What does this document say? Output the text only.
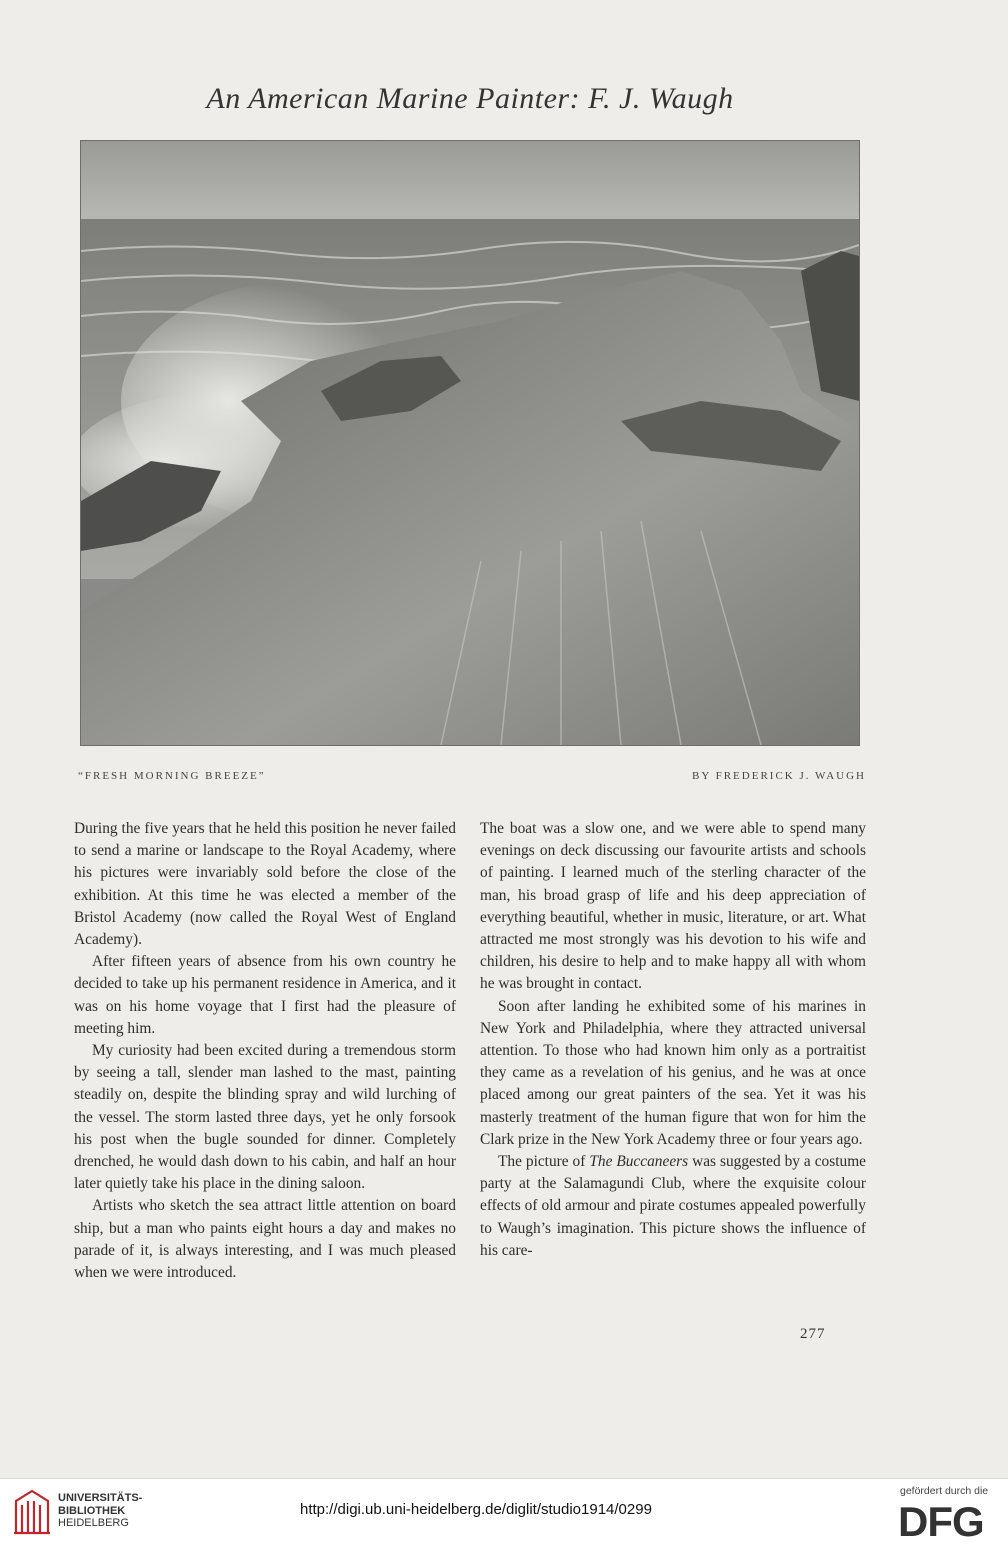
An American Marine Painter: F. J. Waugh
“FRESH MORNING BREEZE”	BY FREDERICK J. WAUGH

During the five years that he held this position he never failed to send a marine or landscape to the Royal Academy, where his pictures were invariably sold before the close of the exhibition. At this time he was elected a member of the Bristol Academy (now called the Royal West of England Academy).

After fifteen years of absence from his own country he decided to take up his permanent residence in America, and it was on his home voyage that I first had the pleasure of meeting him.

My curiosity had been excited during a tremendous storm by seeing a tall, slender man lashed to the mast, painting steadily on, despite the blinding spray and wild lurching of the vessel. The storm lasted three days, yet he only forsook his post when the bugle sounded for dinner. Completely drenched, he would dash down to his cabin, and half an hour later quietly take his place in the dining saloon.

Artists who sketch the sea attract little attention on board ship, but a man who paints eight hours a day and makes no parade of it, is always interesting, and I was much pleased when we were introduced.

The boat was a slow one, and we were able to spend many evenings on deck discussing our favourite artists and schools of painting. I learned much of the sterling character of the man, his broad grasp of life and his deep appreciation of everything beautiful, whether in music, literature, or art. What attracted me most strongly was his devotion to his wife and children, his desire to help and to make happy all with whom he was brought in contact.

Soon after landing he exhibited some of his marines in New York and Philadelphia, where they attracted universal attention. To those who had known him only as a portraitist they came as a revelation of his genius, and he was at once placed among our great painters of the sea. Yet it was his masterly treatment of the human figure that won for him the Clark prize in the New York Academy three or four years ago.

The picture of The Buccaneers was suggested by a costume party at the Salamagundi Club, where the exquisite colour effects of old armour and pirate costumes appealed powerfully to Waugh’s imagination. This picture shows the influence of his care-

277
UNIVERSITÄTS-
BIBLIOTHEK
HEIDELBERG
http://digi.ub.uni-heidelberg.de/diglit/studio1914/0299
gefördert durch die
DFG
